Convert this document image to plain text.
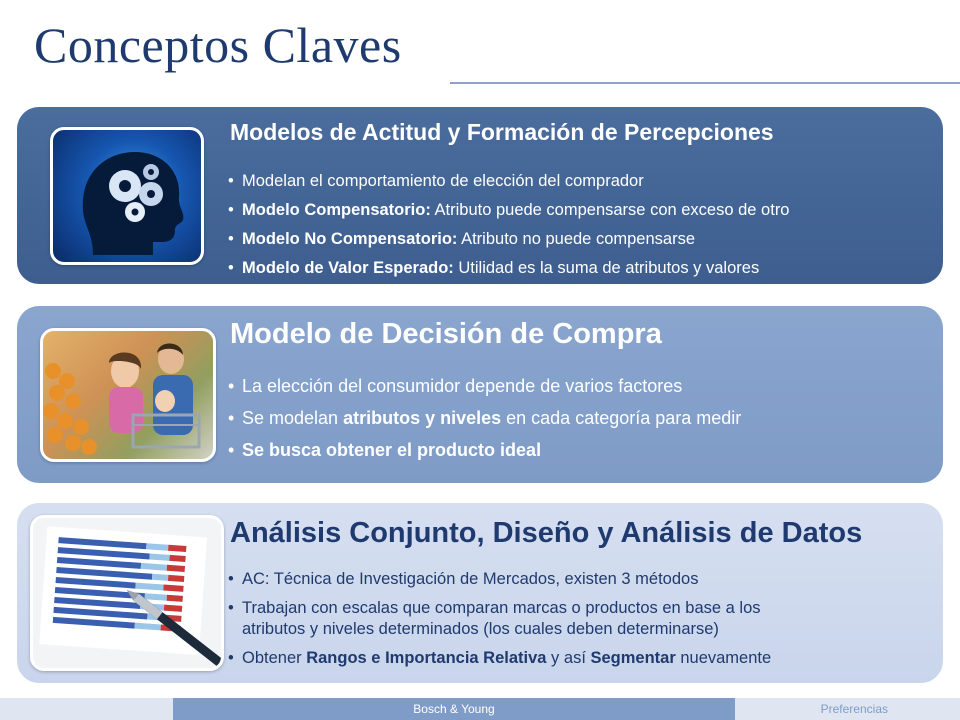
Conceptos Claves
Modelos de Actitud y Formación de Percepciones
• Modelan el comportamiento de elección del comprador
• Modelo Compensatorio: Atributo puede compensarse con exceso de otro
• Modelo No Compensatorio: Atributo no puede compensarse
• Modelo de Valor Esperado: Utilidad es la suma de atributos y valores
Modelo de Decisión de Compra
• La elección del consumidor depende de varios factores
• Se modelan atributos y niveles en cada categoría para medir
• Se busca obtener el producto ideal
Análisis Conjunto, Diseño y Análisis de Datos
• AC: Técnica de Investigación de Mercados, existen 3 métodos
• Trabajan con escalas que comparan marcas o productos en base a los
atributos y niveles determinados (los cuales deben determinarse)
• Obtener Rangos e Importancia Relativa y así Segmentar nuevamente
Bosch & Young	Preferencias
